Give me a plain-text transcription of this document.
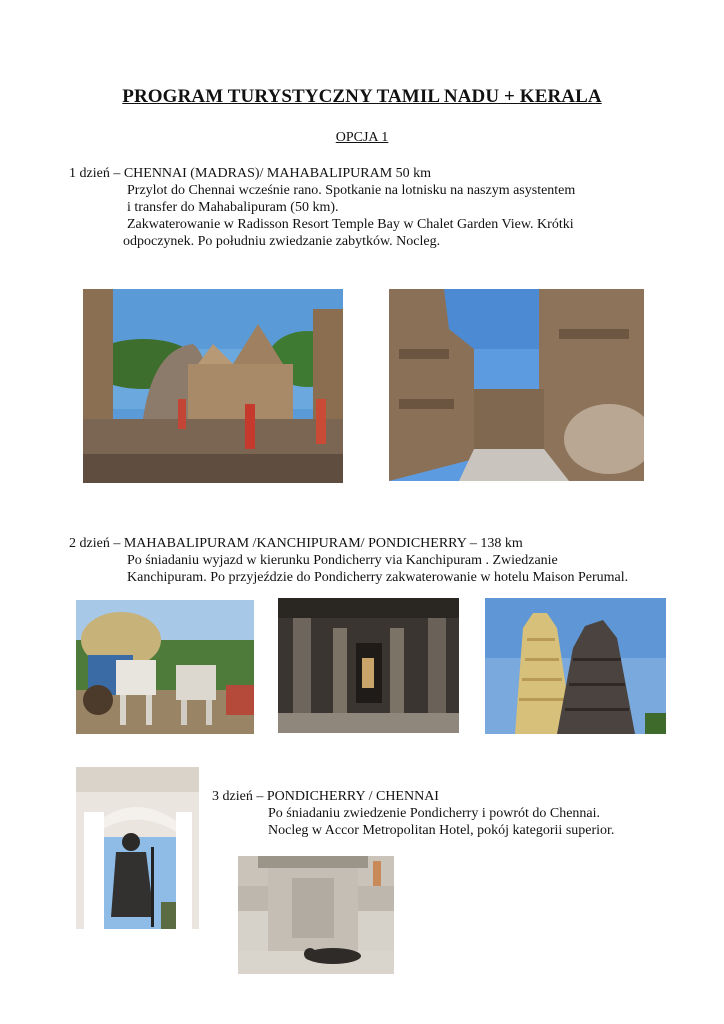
PROGRAM TURYSTYCZNY TAMIL NADU + KERALA
OPCJA 1
1 dzień – CHENNAI (MADRAS)/ MAHABALIPURAM 50 km
Przylot do Chennai wcześnie rano. Spotkanie na lotnisku na naszym asystentem
i transfer do Mahabalipuram (50 km).
Zakwaterowanie w Radisson Resort Temple Bay w Chalet Garden View. Krótki
odpoczynek. Po południu zwiedzanie zabytków. Nocleg.
2 dzień – MAHABALIPURAM /KANCHIPURAM/ PONDICHERRY – 138 km
Po śniadaniu wyjazd w kierunku Pondicherry via Kanchipuram . Zwiedzanie
Kanchipuram. Po przyjeździe do Pondicherry zakwaterowanie w hotelu Maison Perumal.
3 dzień – PONDICHERRY / CHENNAI
Po śniadaniu zwiedzenie Pondicherry i powrót do Chennai.
Nocleg w Accor Metropolitan Hotel, pokój kategorii superior.
